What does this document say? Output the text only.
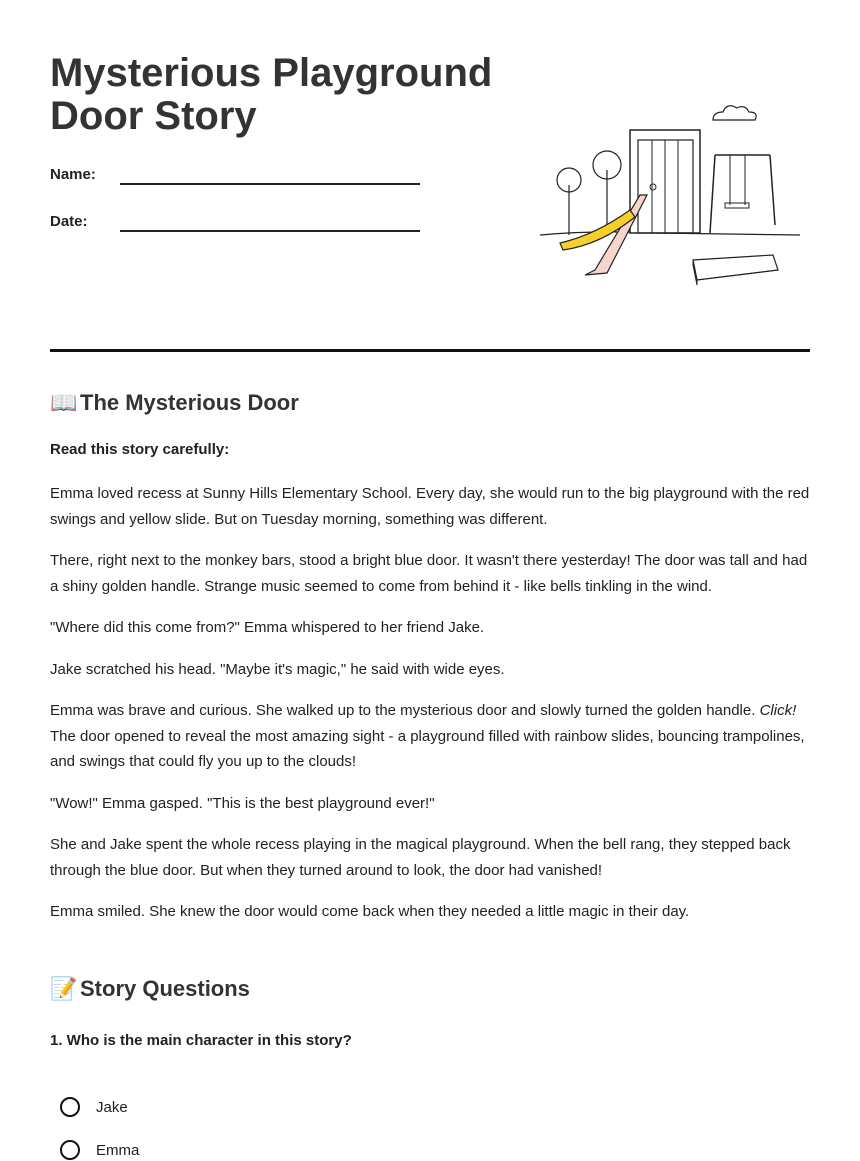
Mysterious Playground Door Story
Name:
Date:
📖 The Mysterious Door
Read this story carefully:

Emma loved recess at Sunny Hills Elementary School. Every day, she would run to the big playground with the red swings and yellow slide. But on Tuesday morning, something was different.

There, right next to the monkey bars, stood a bright blue door. It wasn't there yesterday! The door was tall and had a shiny golden handle. Strange music seemed to come from behind it - like bells tinkling in the wind.

"Where did this come from?" Emma whispered to her friend Jake.

Jake scratched his head. "Maybe it's magic," he said with wide eyes.

Emma was brave and curious. She walked up to the mysterious door and slowly turned the golden handle. Click! The door opened to reveal the most amazing sight - a playground filled with rainbow slides, bouncing trampolines, and swings that could fly you up to the clouds!

"Wow!" Emma gasped. "This is the best playground ever!"

She and Jake spent the whole recess playing in the magical playground. When the bell rang, they stepped back through the blue door. But when they turned around to look, the door had vanished!

Emma smiled. She knew the door would come back when they needed a little magic in their day.

📝 Story Questions
1. Who is the main character in this story?
Jake
Emma
